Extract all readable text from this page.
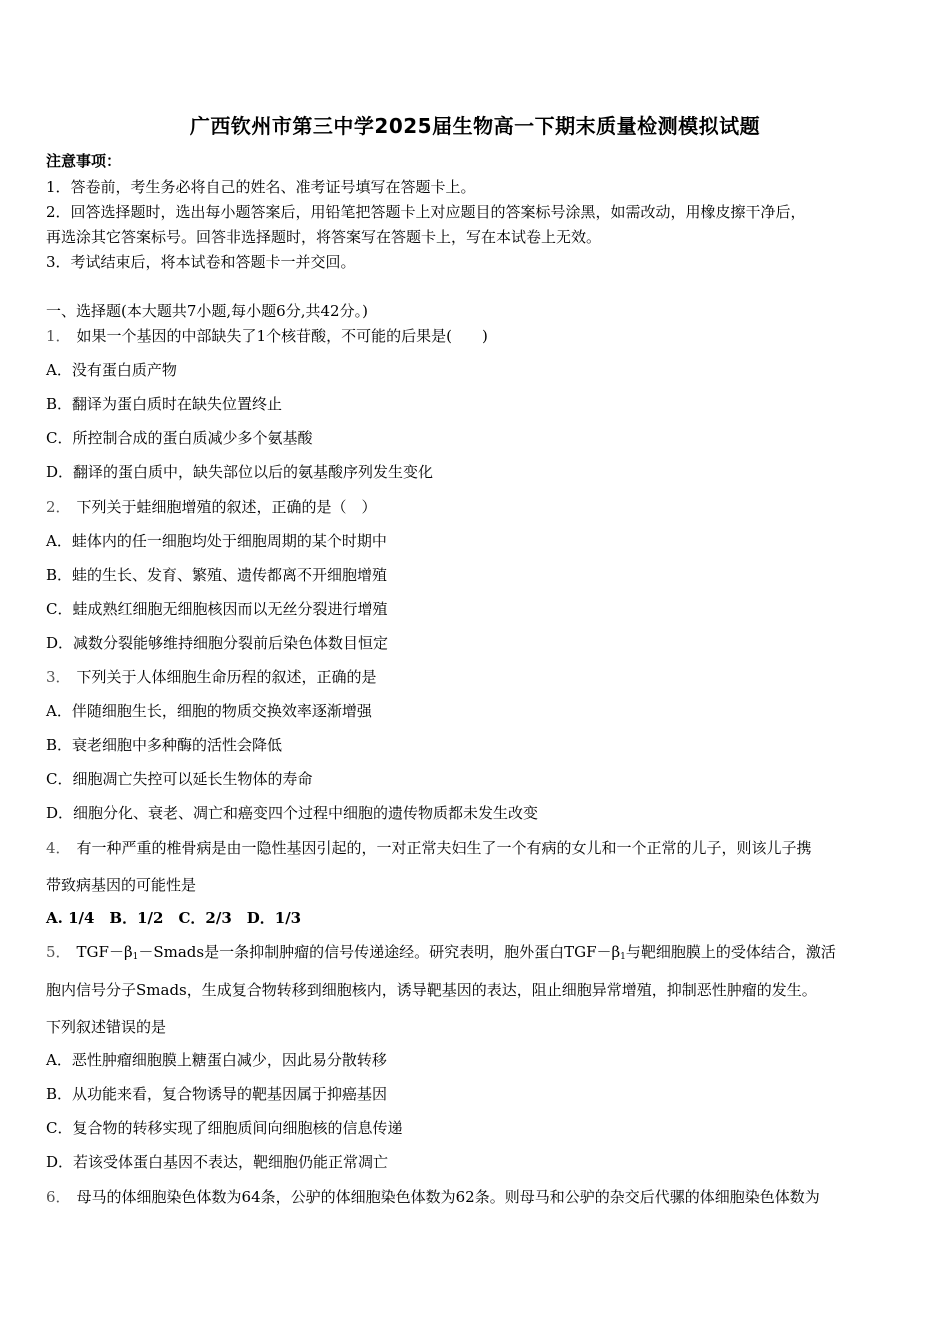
广西钦州市第三中学2025届生物高一下期末质量检测模拟试题
注意事项：
1．答卷前，考生务必将自己的姓名、准考证号填写在答题卡上。
2．回答选择题时，选出每小题答案后，用铅笔把答题卡上对应题目的答案标号涂黑，如需改动，用橡皮擦干净后，
再选涂其它答案标号。回答非选择题时，将答案写在答题卡上，写在本试卷上无效。
3．考试结束后，将本试卷和答题卡一并交回。
一、选择题(本大题共7小题,每小题6分,共42分。)
1． 如果一个基因的中部缺失了1个核苷酸，不可能的后果是(　　)
A．没有蛋白质产物
B．翻译为蛋白质时在缺失位置终止
C．所控制合成的蛋白质减少多个氨基酸
D．翻译的蛋白质中，缺失部位以后的氨基酸序列发生变化
2． 下列关于蛙细胞增殖的叙述，正确的是（　）
A．蛙体内的任一细胞均处于细胞周期的某个时期中
B．蛙的生长、发育、繁殖、遗传都离不开细胞增殖
C．蛙成熟红细胞无细胞核因而以无丝分裂进行增殖
D．减数分裂能够维持细胞分裂前后染色体数目恒定
3． 下列关于人体细胞生命历程的叙述，正确的是
A．伴随细胞生长，细胞的物质交换效率逐渐增强
B．衰老细胞中多种酶的活性会降低
C．细胞凋亡失控可以延长生物体的寿命
D．细胞分化、衰老、凋亡和癌变四个过程中细胞的遗传物质都未发生改变
4． 有一种严重的椎骨病是由一隐性基因引起的，一对正常夫妇生了一个有病的女儿和一个正常的儿子，则该儿子携
带致病基因的可能性是
A. 1/4　B．1/2　C．2/3　D．1/3
5． $TGF-\beta_1-Smads$是一条抑制肿瘤的信号传递途经。研究表明，胞外蛋白$TGF-\beta_1$与靶细胞膜上的受体结合，激活
胞内信号分子Smads，生成复合物转移到细胞核内，诱导靶基因的表达，阻止细胞异常增殖，抑制恶性肿瘤的发生。
下列叙述错误的是
A．恶性肿瘤细胞膜上糖蛋白减少，因此易分散转移
B．从功能来看，复合物诱导的靶基因属于抑癌基因
C．复合物的转移实现了细胞质间向细胞核的信息传递
D．若该受体蛋白基因不表达，靶细胞仍能正常凋亡
6． 母马的体细胞染色体数为64条，公驴的体细胞染色体数为62条。则母马和公驴的杂交后代骡的体细胞染色体数为
